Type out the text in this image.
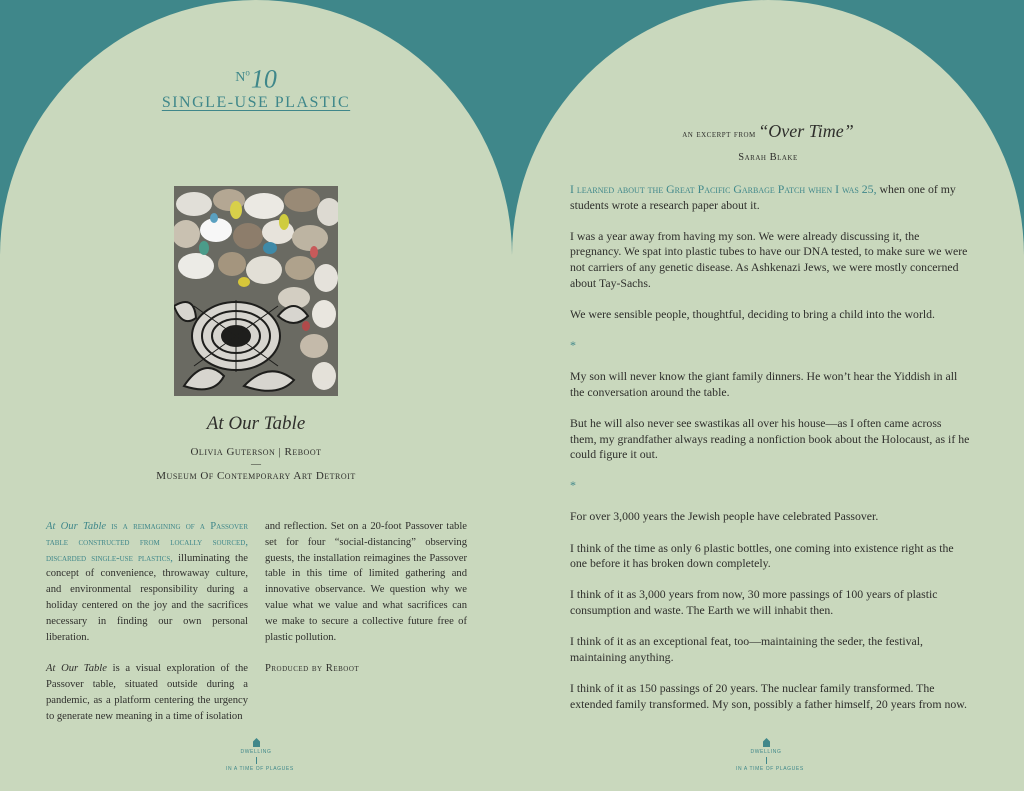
$^{N^o}$10
SINGLE-USE PLASTIC
At Our Table
Olivia Guterson | Reboot
—
Museum Of Contemporary Art Detroit

At Our Table is a reimagining of a Passover table constructed from locally sourced, discarded single-use plastics, illuminating the concept of convenience, throwaway culture, and environmental responsibility during a holiday centered on the joy and the sacrifices necessary in finding our own personal liberation.

At Our Table is a visual exploration of the Passover table, situated outside during a pandemic, as a platform centering the urgency to generate new meaning in a time of isolation

and reflection. Set on a 20-foot Passover table set for four “social-distancing” observing guests, the installation reimagines the Passover table in this time of limited gathering and innovative observance. We question why we value what we value and what sacrifices can we make to secure a collective future free of plastic pollution.

Produced by Reboot

DWELLING
IN A TIME OF PLAGUES
an excerpt from “Over Time”
Sarah Blake

I learned about the Great Pacific Garbage Patch when I was 25, when one of my students wrote a research paper about it.

I was a year away from having my son. We were already discussing it, the pregnancy. We spat into plastic tubes to have our DNA tested, to make sure we were not carriers of any genetic disease. As Ashkenazi Jews, we were mostly concerned about Tay-Sachs.

We were sensible people, thoughtful, deciding to bring a child into the world.

*

My son will never know the giant family dinners. He won’t hear the Yiddish in all the conversation around the table.

But he will also never see swastikas all over his house—as I often came across them, my grandfather always reading a nonfiction book about the Holocaust, as if he could figure it out.

*

For over 3,000 years the Jewish people have celebrated Passover.

I think of the time as only 6 plastic bottles, one coming into existence right as the one before it has broken down completely.

I think of it as 3,000 years from now, 30 more passings of 100 years of plastic consumption and waste. The Earth we will inhabit then.

I think of it as an exceptional feat, too—maintaining the seder, the festival, maintaining anything.

I think of it as 150 passings of 20 years. The nuclear family transformed. The extended family transformed. My son, possibly a father himself, 20 years from now.

DWELLING
IN A TIME OF PLAGUES
